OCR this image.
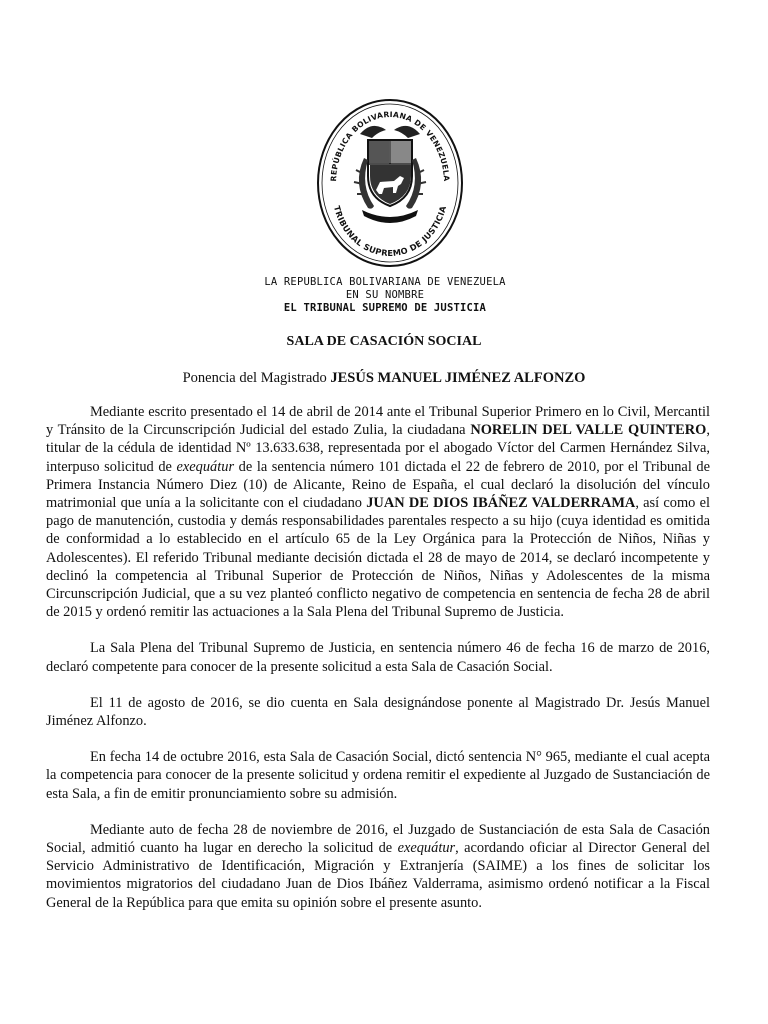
REPÚBLICA BOLIVARIANA DE VENEZUELA
TRIBUNAL SUPREMO DE JUSTICIA
LA REPUBLICA BOLIVARIANA DE VENEZUELA
EN SU NOMBRE
EL TRIBUNAL SUPREMO DE JUSTICIA
SALA DE CASACIÓN SOCIAL
Ponencia del Magistrado JESÚS MANUEL JIMÉNEZ ALFONZO

Mediante escrito presentado el 14 de abril de 2014 ante el Tribunal Superior Primero en lo Civil, Mercantil y Tránsito de la Circunscripción Judicial del estado Zulia, la ciudadana NORELIN DEL VALLE QUINTERO, titular de la cédula de identidad Nº 13.633.638, representada por el abogado Víctor del Carmen Hernández Silva, interpuso solicitud de exequátur de la sentencia número 101 dictada el 22 de febrero de 2010, por el Tribunal de Primera Instancia Número Diez (10) de Alicante, Reino de España, el cual declaró la disolución del vínculo matrimonial que unía a la solicitante con el ciudadano JUAN DE DIOS IBÁÑEZ VALDERRAMA, así como el pago de manutención, custodia y demás responsabilidades parentales respecto a su hijo (cuya identidad es omitida de conformidad a lo establecido en el artículo 65 de la Ley Orgánica para la Protección de Niños, Niñas y Adolescentes). El referido Tribunal mediante decisión dictada el 28 de mayo de 2014, se declaró incompetente y declinó la competencia al Tribunal Superior de Protección de Niños, Niñas y Adolescentes de la misma Circunscripción Judicial, que a su vez planteó conflicto negativo de competencia en sentencia de fecha 28 de abril de 2015 y ordenó remitir las actuaciones a la Sala Plena del Tribunal Supremo de Justicia.

La Sala Plena del Tribunal Supremo de Justicia, en sentencia número 46 de fecha 16 de marzo de 2016, declaró competente para conocer de la presente solicitud a esta Sala de Casación Social.

El 11 de agosto de 2016, se dio cuenta en Sala designándose ponente al Magistrado Dr. Jesús Manuel Jiménez Alfonzo.

En fecha 14 de octubre 2016, esta Sala de Casación Social, dictó sentencia N° 965, mediante el cual acepta la competencia para conocer de la presente solicitud y ordena remitir el expediente al Juzgado de Sustanciación de esta Sala, a fin de emitir pronunciamiento sobre su admisión.

Mediante auto de fecha 28 de noviembre de 2016, el Juzgado de Sustanciación de esta Sala de Casación Social, admitió cuanto ha lugar en derecho la solicitud de exequátur, acordando oficiar al Director General del Servicio Administrativo de Identificación, Migración y Extranjería (SAIME) a los fines de solicitar los movimientos migratorios del ciudadano Juan de Dios Ibáñez Valderrama, asimismo ordenó notificar a la Fiscal General de la República para que emita su opinión sobre el presente asunto.
